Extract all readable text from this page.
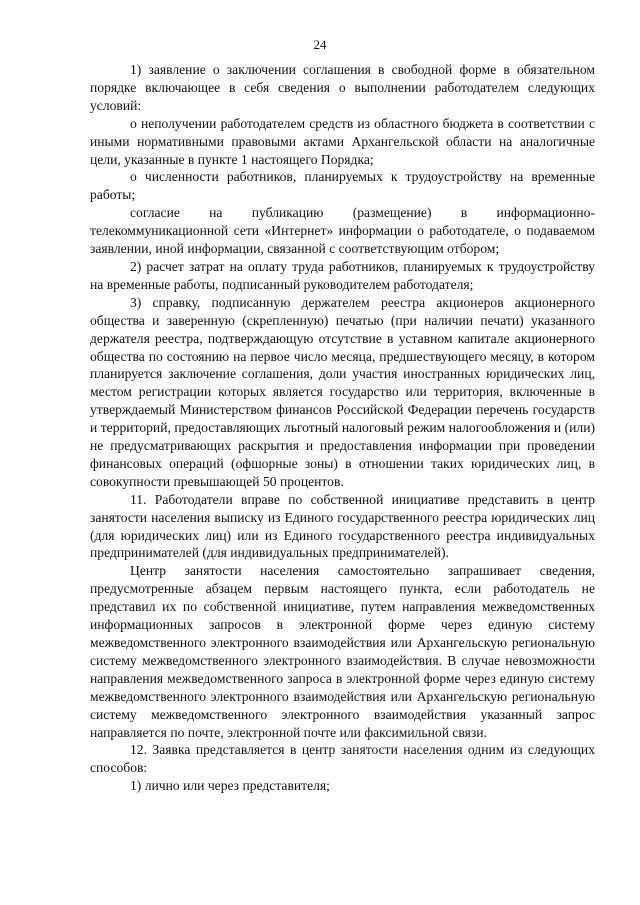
24

1) заявление о заключении соглашения в свободной форме в обязательном порядке включающее в себя сведения о выполнении работодателем следующих условий:

о неполучении работодателем средств из областного бюджета в соответствии с иными нормативными правовыми актами Архангельской области на аналогичные цели, указанные в пункте 1 настоящего Порядка;

о численности работников, планируемых к трудоустройству на временные работы;

согласие на публикацию (размещение) в информационно-телекоммуникационной сети «Интернет» информации о работодателе, о подаваемом заявлении, иной информации, связанной с соответствующим отбором;

2) расчет затрат на оплату труда работников, планируемых к трудоустройству на временные работы, подписанный руководителем работодателя;

3) справку, подписанную держателем реестра акционеров акционерного общества и заверенную (скрепленную) печатью (при наличии печати) указанного держателя реестра, подтверждающую отсутствие в уставном капитале акционерного общества по состоянию на первое число месяца, предшествующего месяцу, в котором планируется заключение соглашения, доли участия иностранных юридических лиц, местом регистрации которых является государство или территория, включенные в утверждаемый Министерством финансов Российской Федерации перечень государств и территорий, предоставляющих льготный налоговый режим налогообложения и (или) не предусматривающих раскрытия и предоставления информации при проведении финансовых операций (офшорные зоны) в отношении таких юридических лиц, в совокупности превышающей 50 процентов.

11. Работодатели вправе по собственной инициативе представить в центр занятости населения выписку из Единого государственного реестра юридических лиц (для юридических лиц) или из Единого государственного реестра индивидуальных предпринимателей (для индивидуальных предпринимателей).

Центр занятости населения самостоятельно запрашивает сведения, предусмотренные абзацем первым настоящего пункта, если работодатель не представил их по собственной инициативе, путем направления межведомственных информационных запросов в электронной форме через единую систему межведомственного электронного взаимодействия или Архангельскую региональную систему межведомственного электронного взаимодействия. В случае невозможности направления межведомственного запроса в электронной форме через единую систему межведомственного электронного взаимодействия или Архангельскую региональную систему межведомственного электронного взаимодействия указанный запрос направляется по почте, электронной почте или факсимильной связи.

12. Заявка представляется в центр занятости населения одним из следующих способов:

1) лично или через представителя;
